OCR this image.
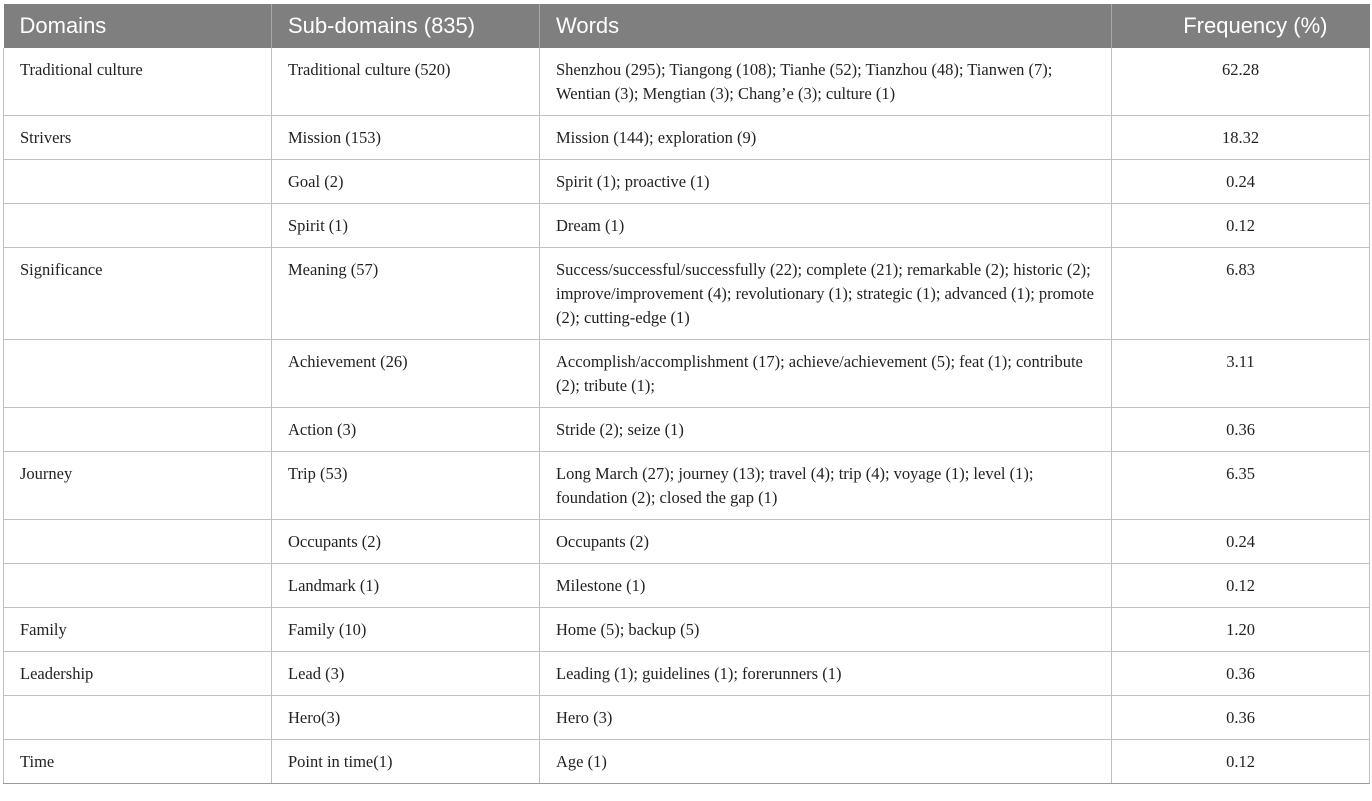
Domains	Sub-domains (835)	Words	Frequency (%)
Traditional culture	Traditional culture (520)	Shenzhou (295); Tiangong (108); Tianhe (52); Tianzhou (48); Tianwen (7); Wentian (3); Mengtian (3); Chang’e (3); culture (1)	62.28
Strivers	Mission (153)	Mission (144); exploration (9)	18.32
	Goal (2)	Spirit (1); proactive (1)	0.24
	Spirit (1)	Dream (1)	0.12
Significance	Meaning (57)	Success/successful/successfully (22); complete (21); remarkable (2); historic (2); improve/improvement (4); revolutionary (1); strategic (1); advanced (1); promote (2); cutting-edge (1)	6.83
	Achievement (26)	Accomplish/accomplishment (17); achieve/achievement (5); feat (1); contribute (2); tribute (1);	3.11
	Action (3)	Stride (2); seize (1)	0.36
Journey	Trip (53)	Long March (27); journey (13); travel (4); trip (4); voyage (1); level (1); foundation (2); closed the gap (1)	6.35
	Occupants (2)	Occupants (2)	0.24
	Landmark (1)	Milestone (1)	0.12
Family	Family (10)	Home (5); backup (5)	1.20
Leadership	Lead (3)	Leading (1); guidelines (1); forerunners (1)	0.36
	Hero(3)	Hero (3)	0.36
Time	Point in time(1)	Age (1)	0.12
